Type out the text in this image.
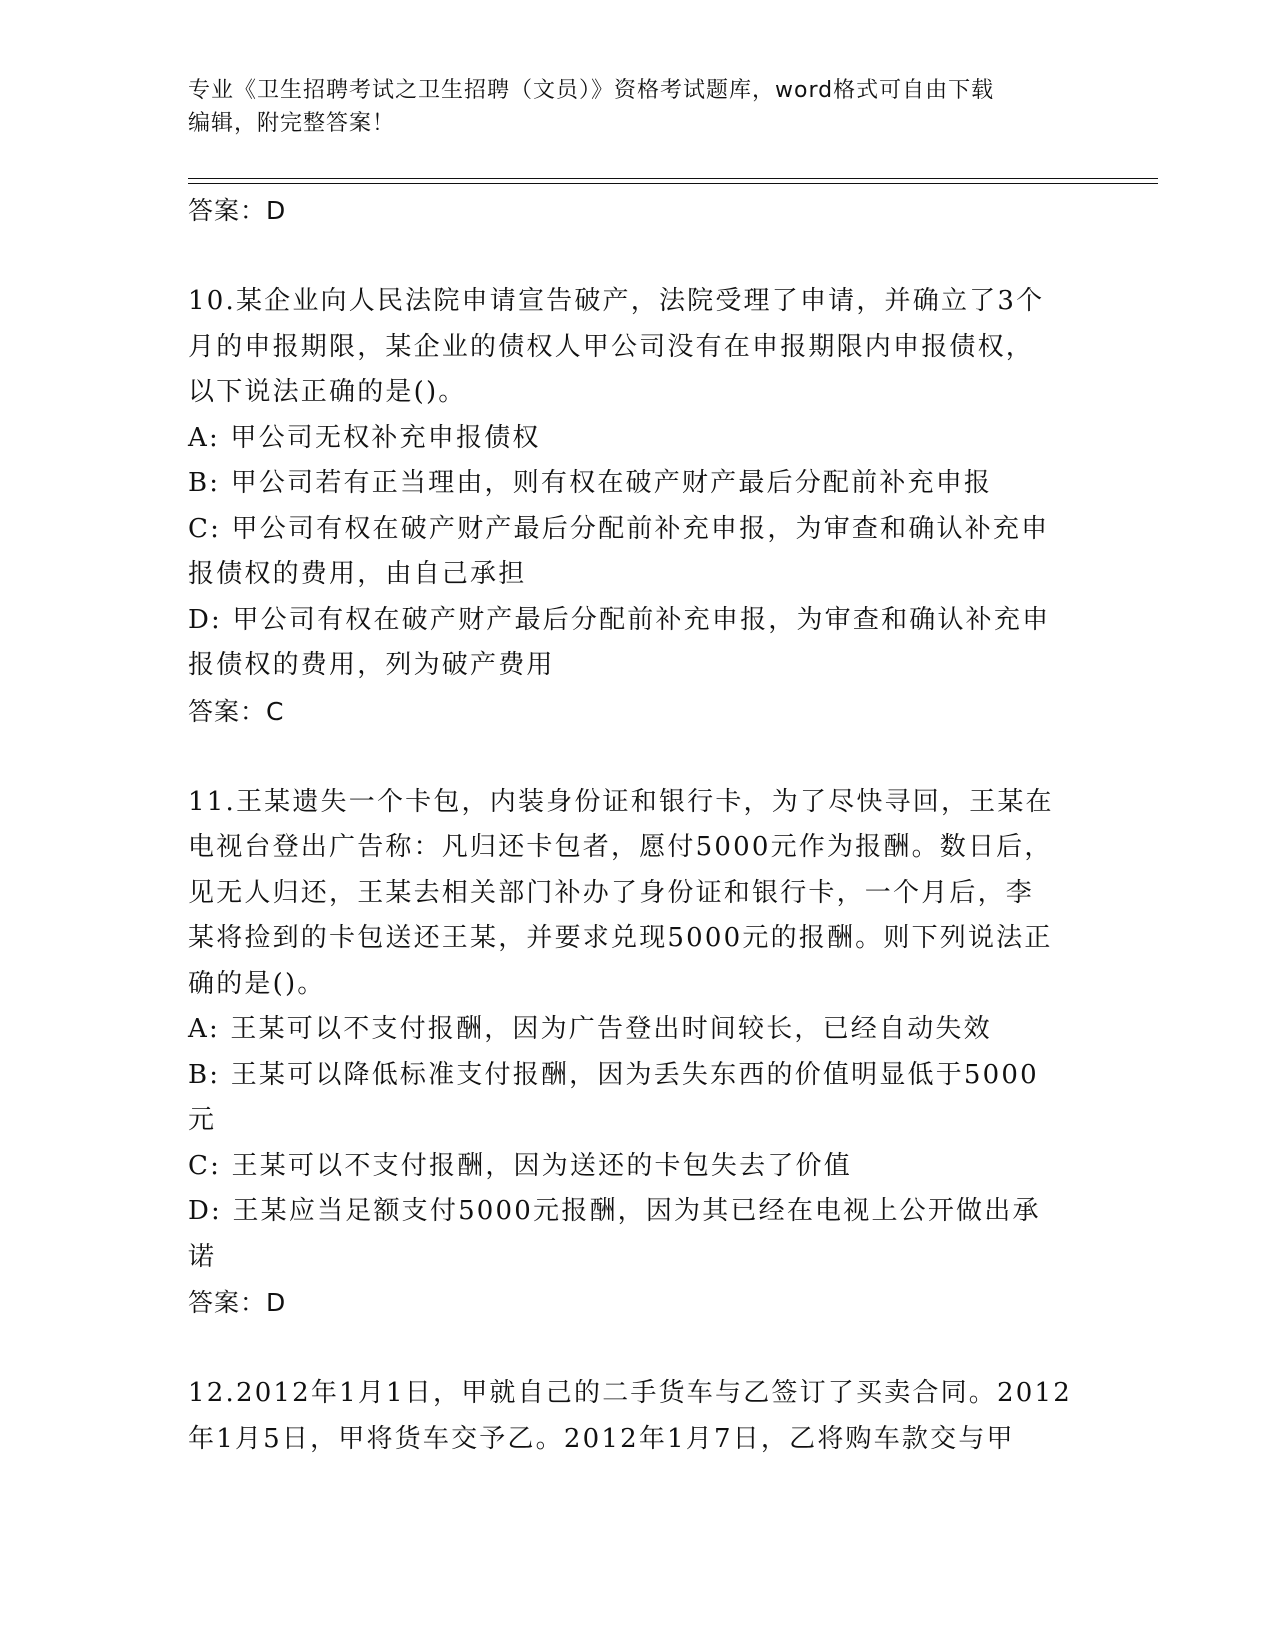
专业《卫生招聘考试之卫生招聘（文员）》资格考试题库，word格式可自由下载
编辑，附完整答案！
答案：D
10.某企业向人民法院申请宣告破产，法院受理了申请，并确立了3个
月的申报期限，某企业的债权人甲公司没有在申报期限内申报债权，
以下说法正确的是()。
A: 甲公司无权补充申报债权
B: 甲公司若有正当理由，则有权在破产财产最后分配前补充申报
C: 甲公司有权在破产财产最后分配前补充申报，为审查和确认补充申
报债权的费用，由自己承担
D: 甲公司有权在破产财产最后分配前补充申报，为审查和确认补充申
报债权的费用，列为破产费用
答案：C
11.王某遗失一个卡包，内装身份证和银行卡，为了尽快寻回，王某在
电视台登出广告称：凡归还卡包者，愿付5000元作为报酬。数日后，
见无人归还，王某去相关部门补办了身份证和银行卡，一个月后，李
某将捡到的卡包送还王某，并要求兑现5000元的报酬。则下列说法正
确的是()。
A: 王某可以不支付报酬，因为广告登出时间较长，已经自动失效
B: 王某可以降低标准支付报酬，因为丢失东西的价值明显低于5000
元
C: 王某可以不支付报酬，因为送还的卡包失去了价值
D: 王某应当足额支付5000元报酬，因为其已经在电视上公开做出承
诺
答案：D
12.2012年1月1日，甲就自己的二手货车与乙签订了买卖合同。2012
年1月5日，甲将货车交予乙。2012年1月7日，乙将购车款交与甲
